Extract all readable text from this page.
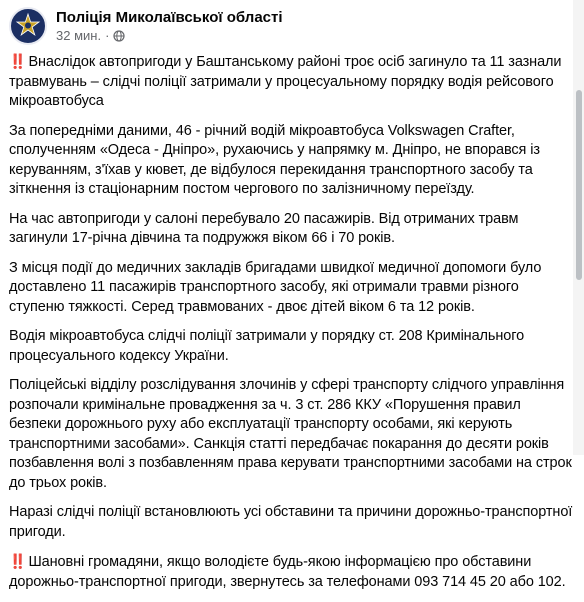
Поліція Миколаївської області
32 мин. ·

‼️ Внаслідок автопригоди у Баштанському районі троє осіб загинуло та 11 зазнали травмувань – слідчі поліції затримали у процесуальному порядку водія рейсового мікроавтобуса

За попередніми даними, 46 - річний водій мікроавтобуса Volkswagen Crafter, сполученням «Одеса - Дніпро», рухаючись у напрямку м. Дніпро, не впорався із керуванням, з'їхав у кювет, де відбулося перекидання транспортного засобу та зіткнення із стаціонарним постом чергового по залізничному переїзду.

На час автопригоди у салоні перебувало 20 пасажирів. Від отриманих травм загинули 17-річна дівчина та подружжя віком 66 і 70 років.

З місця події до медичних закладів бригадами швидкої медичної допомоги було доставлено 11 пасажирів транспортного засобу, які отримали травми різного ступеню тяжкості. Серед травмованих - двоє дітей віком 6 та 12 років.

Водія мікроавтобуса слідчі поліції затримали у порядку ст. 208 Кримінального процесуального кодексу України.

Поліцейські відділу розслідування злочинів у сфері транспорту слідчого управління розпочали кримінальне провадження за ч. 3 ст. 286 ККУ «Порушення правил безпеки дорожнього руху або експлуатації транспорту особами, які керують транспортними засобами». Санкція статті передбачає покарання до десяти років позбавлення волі з позбавленням права керувати транспортними засобами на строк до трьох років.

Наразі слідчі поліції встановлюють усі обставини та причини дорожньо-транспортної пригоди.

‼️ Шановні громадяни, якщо володієте будь-якою інформацією про обставини дорожньо-транспортної пригоди, звернутесь за телефонами 093 714 45 20 або 102.
